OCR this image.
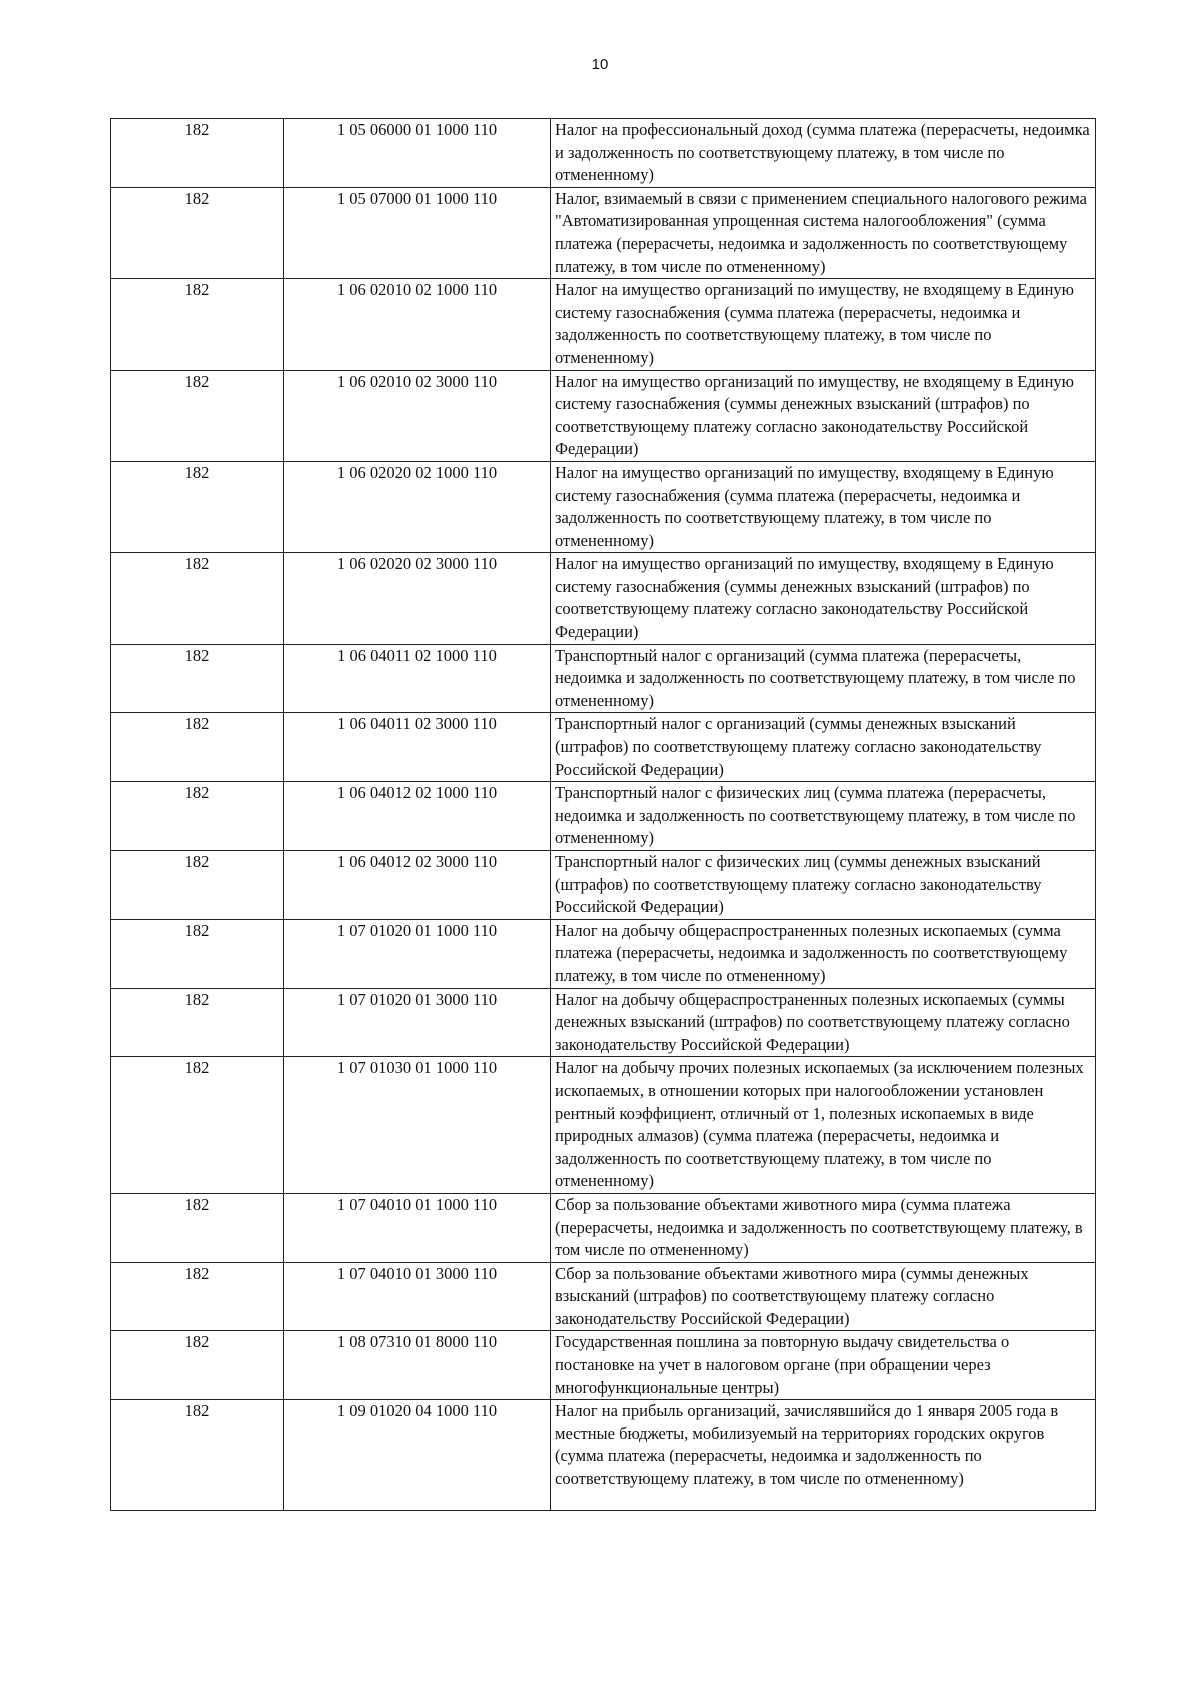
10
182	1 05 06000 01 1000 110	Налог на профессиональный доход (сумма платежа (перерасчеты, недоимка и задолженность по соответствующему платежу, в том числе по отмененному)
182	1 05 07000 01 1000 110	Налог, взимаемый в связи с применением специального налогового режима "Автоматизированная упрощенная система налогообложения" (сумма платежа (перерасчеты, недоимка и задолженность по соответствующему платежу, в том числе по отмененному)
182	1 06 02010 02 1000 110	Налог на имущество организаций по имуществу, не входящему в Единую систему газоснабжения (сумма платежа (перерасчеты, недоимка и задолженность по соответствующему платежу, в том числе по отмененному)
182	1 06 02010 02 3000 110	Налог на имущество организаций по имуществу, не входящему в Единую систему газоснабжения (суммы денежных взысканий (штрафов) по соответствующему платежу согласно законодательству Российской Федерации)
182	1 06 02020 02 1000 110	Налог на имущество организаций по имуществу, входящему в Единую систему газоснабжения (сумма платежа (перерасчеты, недоимка и задолженность по соответствующему платежу, в том числе по отмененному)
182	1 06 02020 02 3000 110	Налог на имущество организаций по имуществу, входящему в Единую систему газоснабжения (суммы денежных взысканий (штрафов) по соответствующему платежу согласно законодательству Российской Федерации)
182	1 06 04011 02 1000 110	Транспортный налог с организаций (сумма платежа (перерасчеты, недоимка и задолженность по соответствующему платежу, в том числе по отмененному)
182	1 06 04011 02 3000 110	Транспортный налог с организаций (суммы денежных взысканий (штрафов) по соответствующему платежу согласно законодательству Российской Федерации)
182	1 06 04012 02 1000 110	Транспортный налог с физических лиц (сумма платежа (перерасчеты, недоимка и задолженность по соответствующему платежу, в том числе по отмененному)
182	1 06 04012 02 3000 110	Транспортный налог с физических лиц (суммы денежных взысканий (штрафов) по соответствующему платежу согласно законодательству Российской Федерации)
182	1 07 01020 01 1000 110	Налог на добычу общераспространенных полезных ископаемых (сумма платежа (перерасчеты, недоимка и задолженность по соответствующему платежу, в том числе по отмененному)
182	1 07 01020 01 3000 110	Налог на добычу общераспространенных полезных ископаемых (суммы денежных взысканий (штрафов) по соответствующему платежу согласно законодательству Российской Федерации)
182	1 07 01030 01 1000 110	Налог на добычу прочих полезных ископаемых (за исключением полезных ископаемых, в отношении которых при налогообложении установлен рентный коэффициент, отличный от 1, полезных ископаемых в виде природных алмазов) (сумма платежа (перерасчеты, недоимка и задолженность по соответствующему платежу, в том числе по отмененному)
182	1 07 04010 01 1000 110	Сбор за пользование объектами животного мира (сумма платежа (перерасчеты, недоимка и задолженность по соответствующему платежу, в том числе по отмененному)
182	1 07 04010 01 3000 110	Сбор за пользование объектами животного мира (суммы денежных взысканий (штрафов) по соответствующему платежу согласно законодательству Российской Федерации)
182	1 08 07310 01 8000 110	Государственная пошлина за повторную выдачу свидетельства о постановке на учет в налоговом органе (при обращении через многофункциональные центры)
182	1 09 01020 04 1000 110	Налог на прибыль организаций, зачислявшийся до 1 января 2005 года в местные бюджеты, мобилизуемый на территориях городских округов (сумма платежа (перерасчеты, недоимка и задолженность по соответствующему платежу, в том числе по отмененному)
